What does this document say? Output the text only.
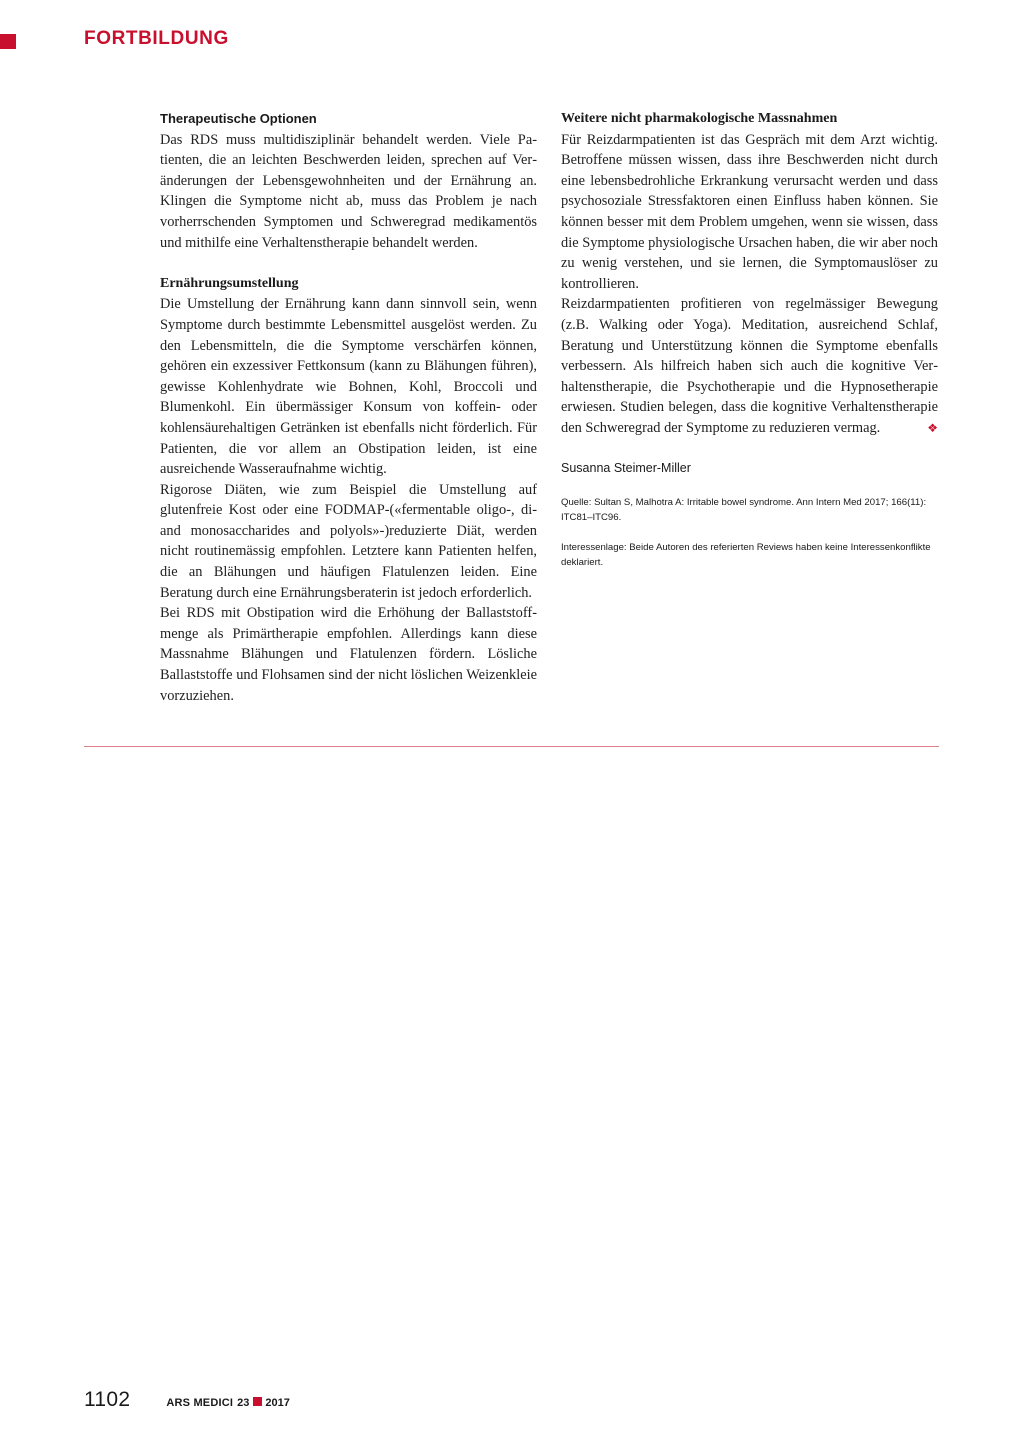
FORTBILDUNG

Therapeutische Optionen

Das RDS muss multidisziplinär behandelt werden. Viele Patienten, die an leichten Beschwerden leiden, sprechen auf Veränderungen der Lebensgewohnheiten und der Ernährung an. Klingen die Symptome nicht ab, muss das Problem je nach vorherrschenden Symptomen und Schweregrad medikamentös und mithilfe eine Verhaltenstherapie behandelt werden.

Ernährungsumstellung

Die Umstellung der Ernährung kann dann sinnvoll sein, wenn Symptome durch bestimmte Lebensmittel ausgelöst werden. Zu den Lebensmitteln, die die Symptome verschärfen können, gehören ein exzessiver Fettkonsum (kann zu Blähungen führen), gewisse Kohlenhydrate wie Bohnen, Kohl, Broccoli und Blumenkohl. Ein übermässiger Konsum von koffein- oder kohlensäurehaltigen Getränken ist ebenfalls nicht förderlich. Für Patienten, die vor allem an Obstipation leiden, ist eine ausreichende Wasseraufnahme wichtig.

Rigorose Diäten, wie zum Beispiel die Umstellung auf glutenfreie Kost oder eine FODMAP-(«fermentable oligo-, di- and monosaccharides and polyols»-)reduzierte Diät, werden nicht routinemässig empfohlen. Letztere kann Patienten helfen, die an Blähungen und häufigen Flatulenzen leiden. Eine Beratung durch eine Ernährungsberaterin ist jedoch erforderlich.

Bei RDS mit Obstipation wird die Erhöhung der Ballaststoffmenge als Primärtherapie empfohlen. Allerdings kann diese Massnahme Blähungen und Flatulenzen fördern. Lösliche Ballaststoffe und Flohsamen sind der nicht löslichen Weizenkleie vorzuziehen.

Weitere nicht pharmakologische Massnahmen

Für Reizdarmpatienten ist das Gespräch mit dem Arzt wichtig. Betroffene müssen wissen, dass ihre Beschwerden nicht durch eine lebensbedrohliche Erkrankung verursacht werden und dass psychosoziale Stressfaktoren einen Einfluss haben können. Sie können besser mit dem Problem umgehen, wenn sie wissen, dass die Symptome physiologische Ursachen haben, die wir aber noch zu wenig verstehen, und sie lernen, die Symptomauslöser zu kontrollieren.

Reizdarmpatienten profitieren von regelmässiger Bewegung (z.B. Walking oder Yoga). Meditation, ausreichend Schlaf, Beratung und Unterstützung können die Symptome ebenfalls verbessern. Als hilfreich haben sich auch die kognitive Verhaltenstherapie, die Psychotherapie und die Hypnosetherapie erwiesen. Studien belegen, dass die kognitive Verhaltenstherapie den Schweregrad der Symptome zu reduzieren vermag.	❖
Susanna Steimer-Miller

Quelle: Sultan S, Malhotra A: Irritable bowel syndrome. Ann Intern Med 2017; 166(11): ITC81–ITC96.

Interessenlage: Beide Autoren des referierten Reviews haben keine Interessenkonflikte deklariert.

1102	ARS MEDICI 23 2017
